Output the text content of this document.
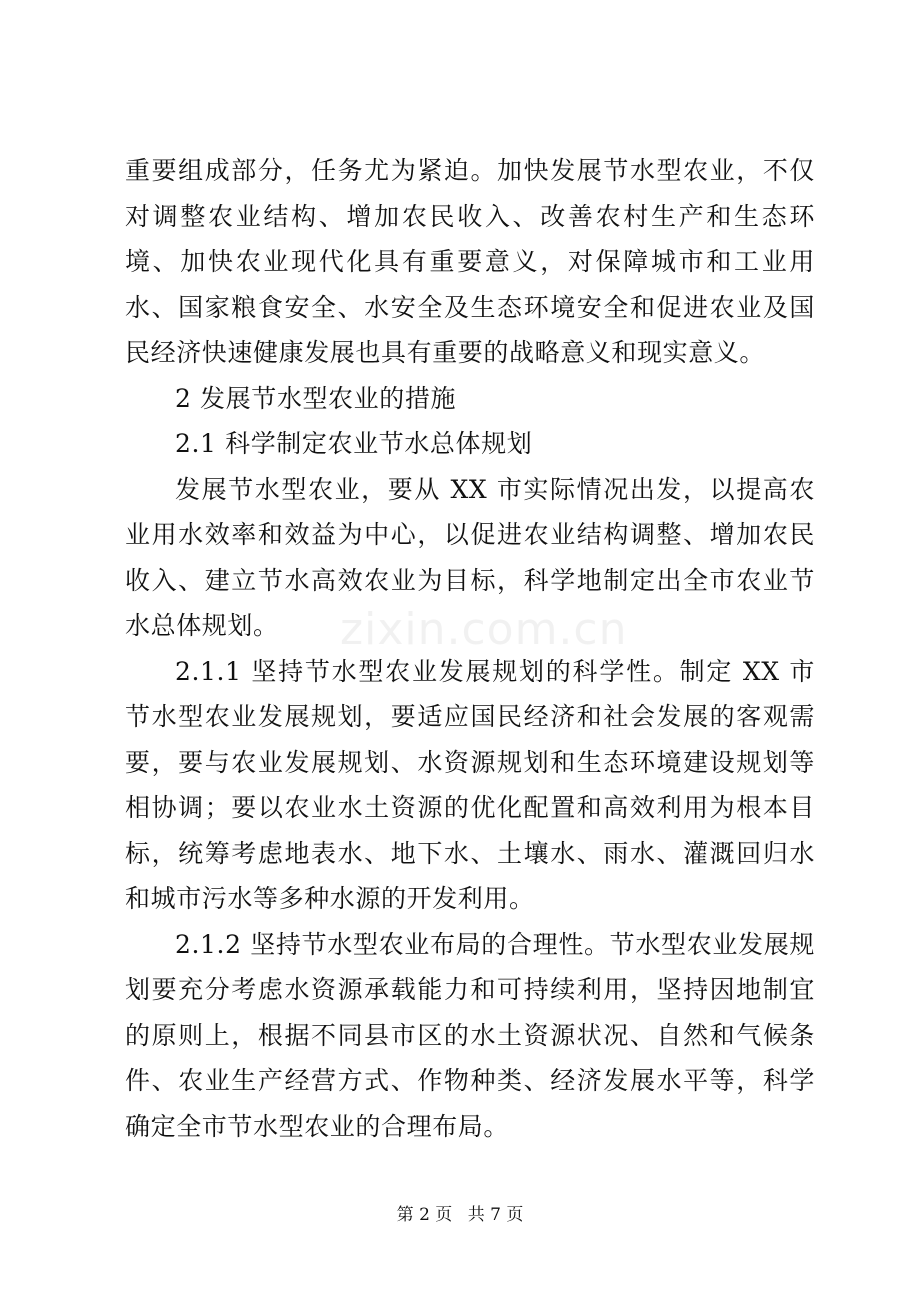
重要组成部分，任务尤为紧迫。加快发展节水型农业，不仅对调整农业结构、增加农民收入、改善农村生产和生态环境、加快农业现代化具有重要意义，对保障城市和工业用水、国家粮食安全、水安全及生态环境安全和促进农业及国民经济快速健康发展也具有重要的战略意义和现实意义。

2 发展节水型农业的措施

2.1 科学制定农业节水总体规划

发展节水型农业，要从 XX 市实际情况出发，以提高农业用水效率和效益为中心，以促进农业结构调整、增加农民收入、建立节水高效农业为目标，科学地制定出全市农业节水总体规划。

2.1.1 坚持节水型农业发展规划的科学性。制定 XX 市节水型农业发展规划，要适应国民经济和社会发展的客观需要，要与农业发展规划、水资源规划和生态环境建设规划等相协调；要以农业水土资源的优化配置和高效利用为根本目标，统筹考虑地表水、地下水、土壤水、雨水、灌溉回归水和城市污水等多种水源的开发利用。

2.1.2 坚持节水型农业布局的合理性。节水型农业发展规划要充分考虑水资源承载能力和可持续利用，坚持因地制宜的原则上，根据不同县市区的水土资源状况、自然和气候条件、农业生产经营方式、作物种类、经济发展水平等，科学确定全市节水型农业的合理布局。

zixin.com.cn
第 2 页 共 7 页
